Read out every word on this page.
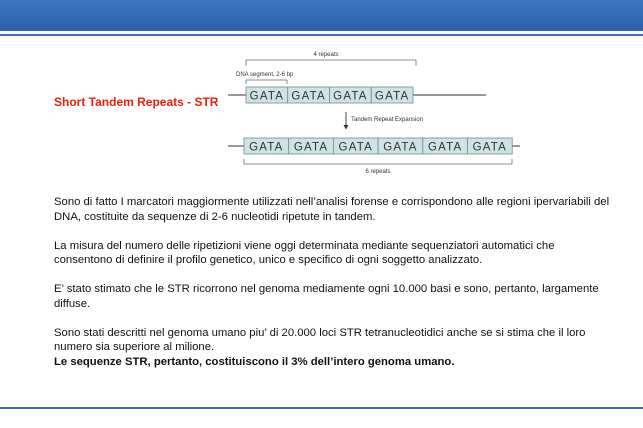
Short Tandem Repeats - STR
4 repeats
DNA segment, 2-6 bp
GATA GATA GATA GATA
Tandem Repeat Expansion
GATA GATA GATA GATA GATA GATA
6 repeats

Sono di fatto I marcatori maggiormente utilizzati nell’analisi forense e corrispondono alle regioni ipervariabili del DNA, costituite da sequenze di 2-6 nucleotidi ripetute in tandem.

La misura del numero delle ripetizioni viene oggi determinata mediante sequenziatori automatici che consentono di definire il profilo genetico, unico e specifico di ogni soggetto analizzato.

E’ stato stimato che le STR ricorrono nel genoma mediamente ogni 10.000 basi e sono, pertanto, largamente diffuse.

Sono stati descritti nel genoma umano piu’ di 20.000 loci STR tetranucleotidici anche se si stima che il loro numero sia superiore al milione.
Le sequenze STR, pertanto, costituiscono il 3% dell’intero genoma umano.
